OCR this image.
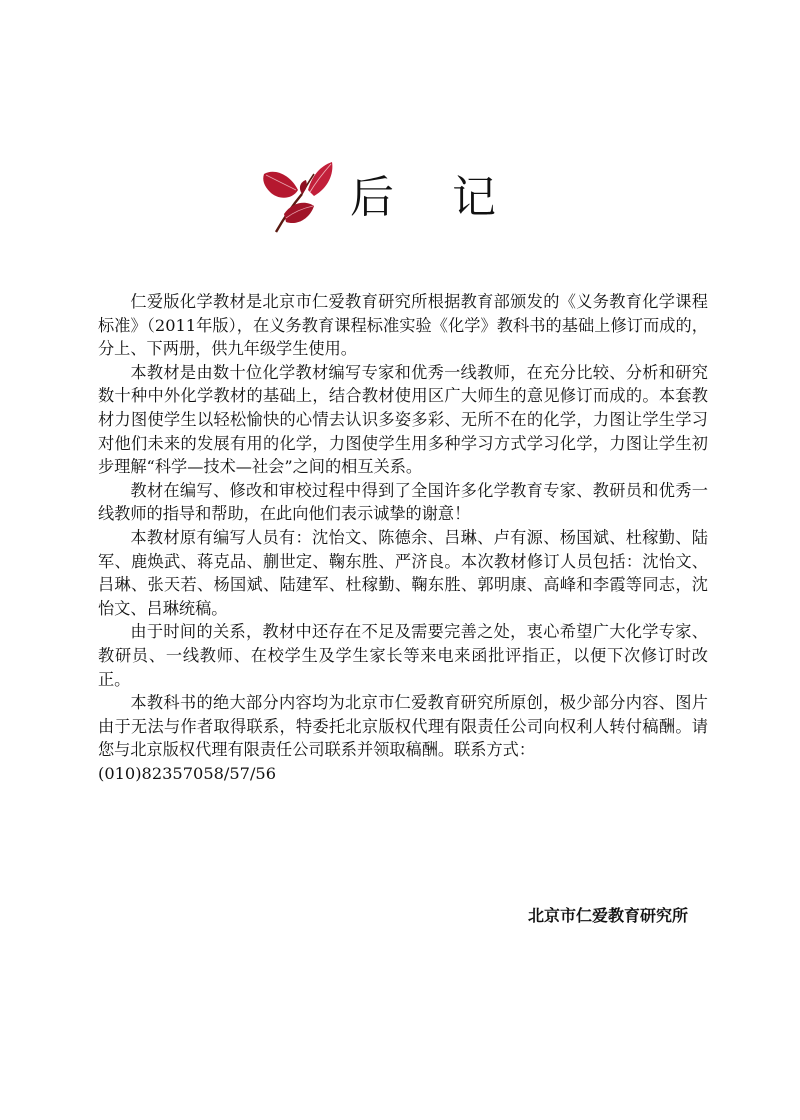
后 记

仁爱版化学教材是北京市仁爱教育研究所根据教育部颁发的《义务教育化学课程标准》（2011年版），在义务教育课程标准实验《化学》教科书的基础上修订而成的，分上、下两册，供九年级学生使用。

本教材是由数十位化学教材编写专家和优秀一线教师，在充分比较、分析和研究数十种中外化学教材的基础上，结合教材使用区广大师生的意见修订而成的。本套教材力图使学生以轻松愉快的心情去认识多姿多彩、无所不在的化学，力图让学生学习对他们未来的发展有用的化学，力图使学生用多种学习方式学习化学，力图让学生初步理解“科学—技术—社会”之间的相互关系。

教材在编写、修改和审校过程中得到了全国许多化学教育专家、教研员和优秀一线教师的指导和帮助，在此向他们表示诚挚的谢意！

本教材原有编写人员有：沈怡文、陈德余、吕琳、卢有源、杨国斌、杜稼勤、陆军、鹿焕武、蒋克品、蒯世定、鞠东胜、严济良。本次教材修订人员包括：沈怡文、吕琳、张天若、杨国斌、陆建军、杜稼勤、鞠东胜、郭明康、高峰和李霞等同志，沈怡文、吕琳统稿。

由于时间的关系，教材中还存在不足及需要完善之处，衷心希望广大化学专家、教研员、一线教师、在校学生及学生家长等来电来函批评指正，以便下次修订时改正。

本教科书的绝大部分内容均为北京市仁爱教育研究所原创，极少部分内容、图片由于无法与作者取得联系，特委托北京版权代理有限责任公司向权利人转付稿酬。请您与北京版权代理有限责任公司联系并领取稿酬。联系方式：

(010)82357058/57/56

北京市仁爱教育研究所
